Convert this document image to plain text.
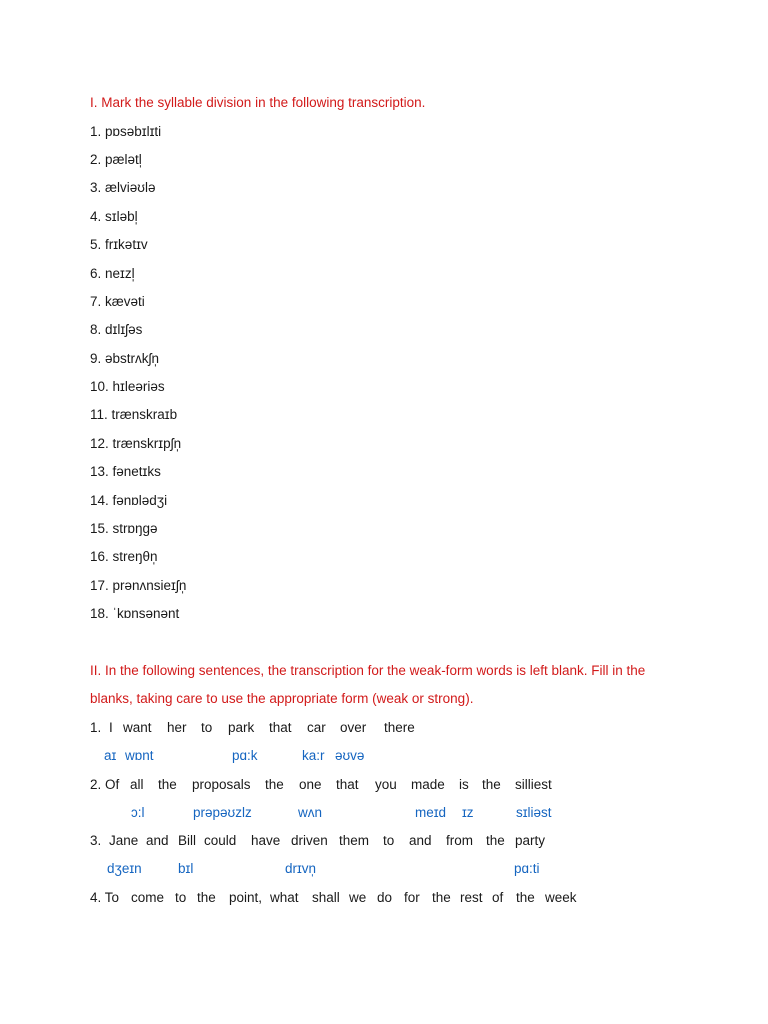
I. Mark the syllable division in the following transcription.
1. pɒsəbɪlɪti
2. pælətl̩
3. ælviəʊlə
4. sɪləbl̩
5. frɪkətɪv
6. neɪzl̩
7. kævəti
8. dɪlɪʃəs
9. əbstrʌkʃn̩
10. hɪleəriəs
11. trænskraɪb
12. trænskrɪpʃn̩
13. fənetɪks
14. fənɒlədʒi
15. strɒŋgə
16. streŋθn̩
17. prənʌnsieɪʃn̩
18. ˈkɒnsənənt
II. In the following sentences, the transcription for the weak-form words is left blank. Fill in the
blanks, taking care to use the appropriate form (weak or strong).
1. I want her to park that car over there
aɪ wɒnt	pɑ:k	ka:r əʊvə
2. Of all the proposals the one that you made is the silliest
ɔ:l	prəpəʊzlz	wʌn	meɪd ɪz	sɪliəst
3. Jane and Bill could have driven them to and from the party
dʒeɪn	bɪl	drɪvn̩	pɑ:ti
4. To come to the point, what shall we do for the rest of the week
